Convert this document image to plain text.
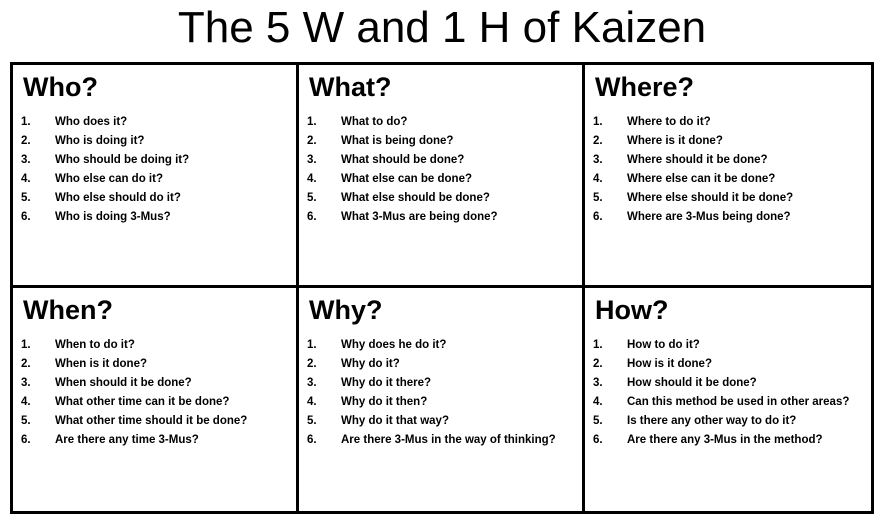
The 5 W and 1 H of Kaizen
Who?
1.	Who does it?
2.	Who is doing it?
3.	Who should be doing it?
4.	Who else can do it?
5.	Who else should do it?
6.	Who is doing 3-Mus?
What?
1.	What to do?
2.	What is being done?
3.	What should be done?
4.	What else can be done?
5.	What else should be done?
6.	What 3-Mus are being done?
Where?
1.	Where to do it?
2.	Where is it done?
3.	Where should it be done?
4.	Where else can it be done?
5.	Where else should it be done?
6.	Where are 3-Mus being done?
When?
1.	When to do it?
2.	When is it done?
3.	When should it be done?
4.	What other time can it be done?
5.	What other time should it be done?
6.	Are there any time 3-Mus?
Why?
1.	Why does he do it?
2.	Why do it?
3.	Why do it there?
4.	Why do it then?
5.	Why do it that way?
6.	Are there 3-Mus in the way of thinking?
How?
1.	How to do it?
2.	How is it done?
3.	How should it be done?
4.	Can this method be used in other areas?
5.	Is there any other way to do it?
6.	Are there any 3-Mus in the method?
